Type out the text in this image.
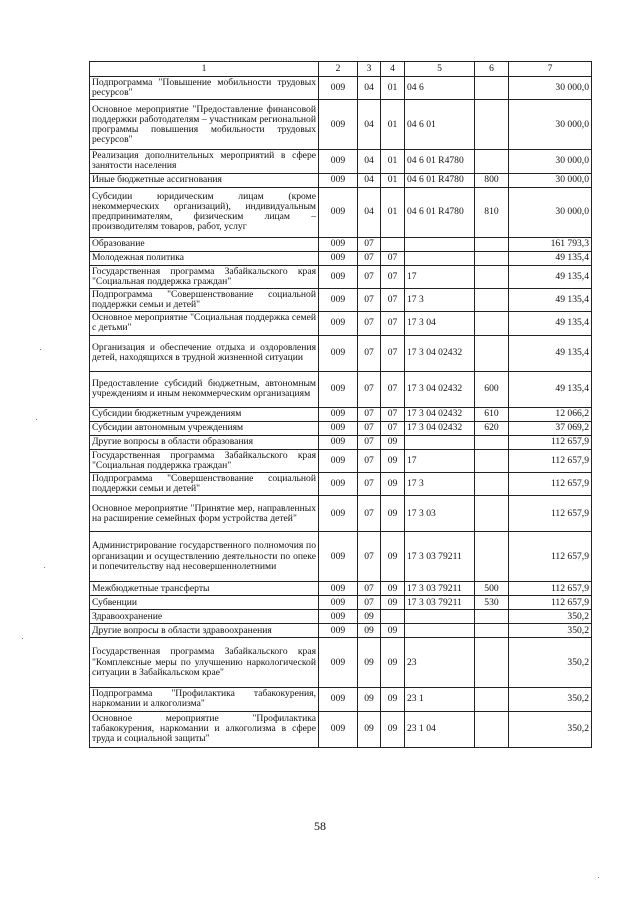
1	2	3	4	5	6	7
Подпрограмма "Повышение мобильности трудовых ресурсов"	009	04	01	04 6		30 000,0
Основное мероприятие "Предоставление финансовой поддержки работодателям – участникам региональной программы повышения мобильности трудовых ресурсов"	009	04	01	04 6 01		30 000,0
Реализация дополнительных мероприятий в сфере занятости населения	009	04	01	04 6 01 R4780		30 000,0
Иные бюджетные ассигнования	009	04	01	04 6 01 R4780	800	30 000,0
Субсидии юридическим лицам (кроме некоммерческих организаций), индивидуальным предпринимателям, физическим лицам – производителям товаров, работ, услуг	009	04	01	04 6 01 R4780	810	30 000,0
Образование	009	07				161 793,3
Молодежная политика	009	07	07			49 135,4
Государственная программа Забайкальского края "Социальная поддержка граждан"	009	07	07	17		49 135,4
Подпрограмма "Совершенствование социальной поддержки семьи и детей"	009	07	07	17 3		49 135,4
Основное мероприятие "Социальная поддержка семей с детьми"	009	07	07	17 3 04		49 135,4
Организация и обеспечение отдыха и оздоровления детей, находящихся в трудной жизненной ситуации	009	07	07	17 3 04 02432		49 135,4
Предоставление субсидий бюджетным, автономным учреждениям и иным некоммерческим организациям	009	07	07	17 3 04 02432	600	49 135,4
Субсидии бюджетным учреждениям	009	07	07	17 3 04 02432	610	12 066,2
Субсидии автономным учреждениям	009	07	07	17 3 04 02432	620	37 069,2
Другие вопросы в области образования	009	07	09			112 657,9
Государственная программа Забайкальского края "Социальная поддержка граждан"	009	07	09	17		112 657,9
Подпрограмма "Совершенствование социальной поддержки семьи и детей"	009	07	09	17 3		112 657,9
Основное мероприятие "Принятие мер, направленных на расширение семейных форм устройства детей"	009	07	09	17 3 03		112 657,9
Администрирование государственного полномочия по организации и осуществлению деятельности по опеке и попечительству над несовершеннолетними	009	07	09	17 3 03 79211		112 657,9
Межбюджетные трансферты	009	07	09	17 3 03 79211	500	112 657,9
Субвенции	009	07	09	17 3 03 79211	530	112 657,9
Здравоохранение	009	09				350,2
Другие вопросы в области здравоохранения	009	09	09			350,2
Государственная программа Забайкальского края "Комплексные меры по улучшению наркологической ситуации в Забайкальском крае"	009	09	09	23		350,2
Подпрограмма "Профилактика табакокурения, наркомании и алкоголизма"	009	09	09	23 1		350,2
Основное мероприятие "Профилактика табакокурения, наркомании и алкоголизма в сфере труда и социальной защиты"	009	09	09	23 1 04		350,2
58
